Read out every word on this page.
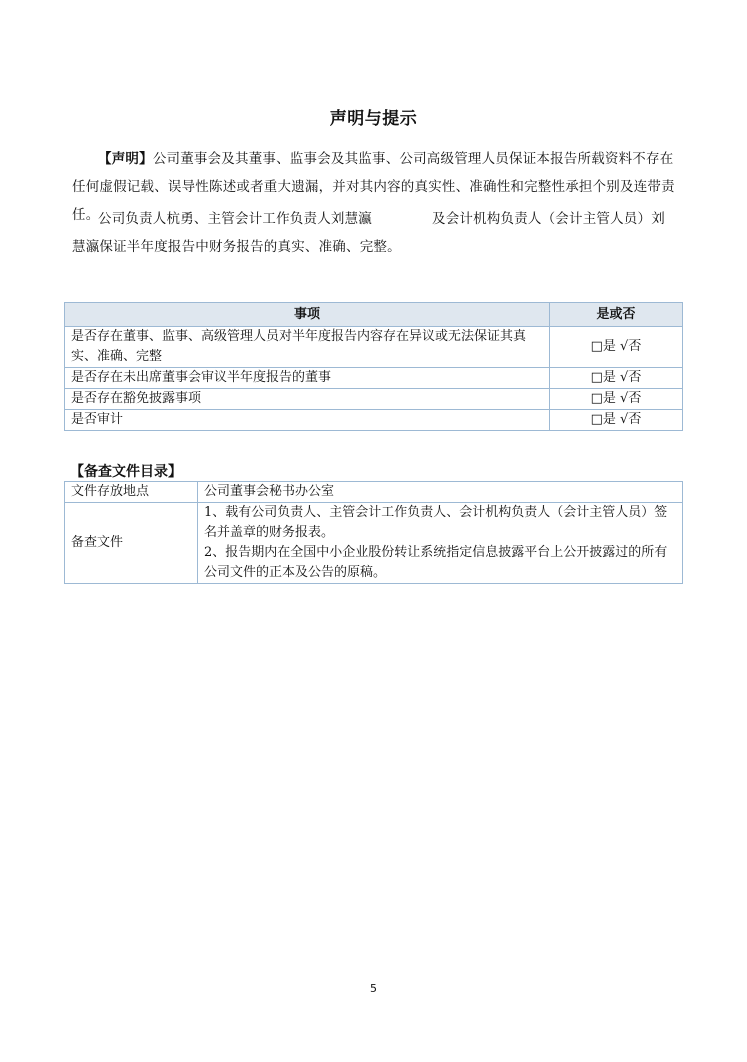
声明与提示
【声明】公司董事会及其董事、监事会及其监事、公司高级管理人员保证本报告所载资料不存在任何虚假记载、误导性陈述或者重大遗漏，并对其内容的真实性、准确性和完整性承担个别及连带责任。
公司负责人杭勇、主管会计工作负责人刘慧瀛	及会计机构负责人（会计主管人员）刘慧瀛保证半年度报告中财务报告的真实、准确、完整。
事项	是或否
是否存在董事、监事、高级管理人员对半年度报告内容存在异议或无法保证其真实、准确、完整	□是 √否
是否存在未出席董事会审议半年度报告的董事	□是 √否
是否存在豁免披露事项	□是 √否
是否审计	□是 √否
【备查文件目录】
文件存放地点	公司董事会秘书办公室
备查文件	1、载有公司负责人、主管会计工作负责人、会计机构负责人（会计主管人员）签名并盖章的财务报表。
2、报告期内在全国中小企业股份转让系统指定信息披露平台上公开披露过的所有公司文件的正本及公告的原稿。
5
